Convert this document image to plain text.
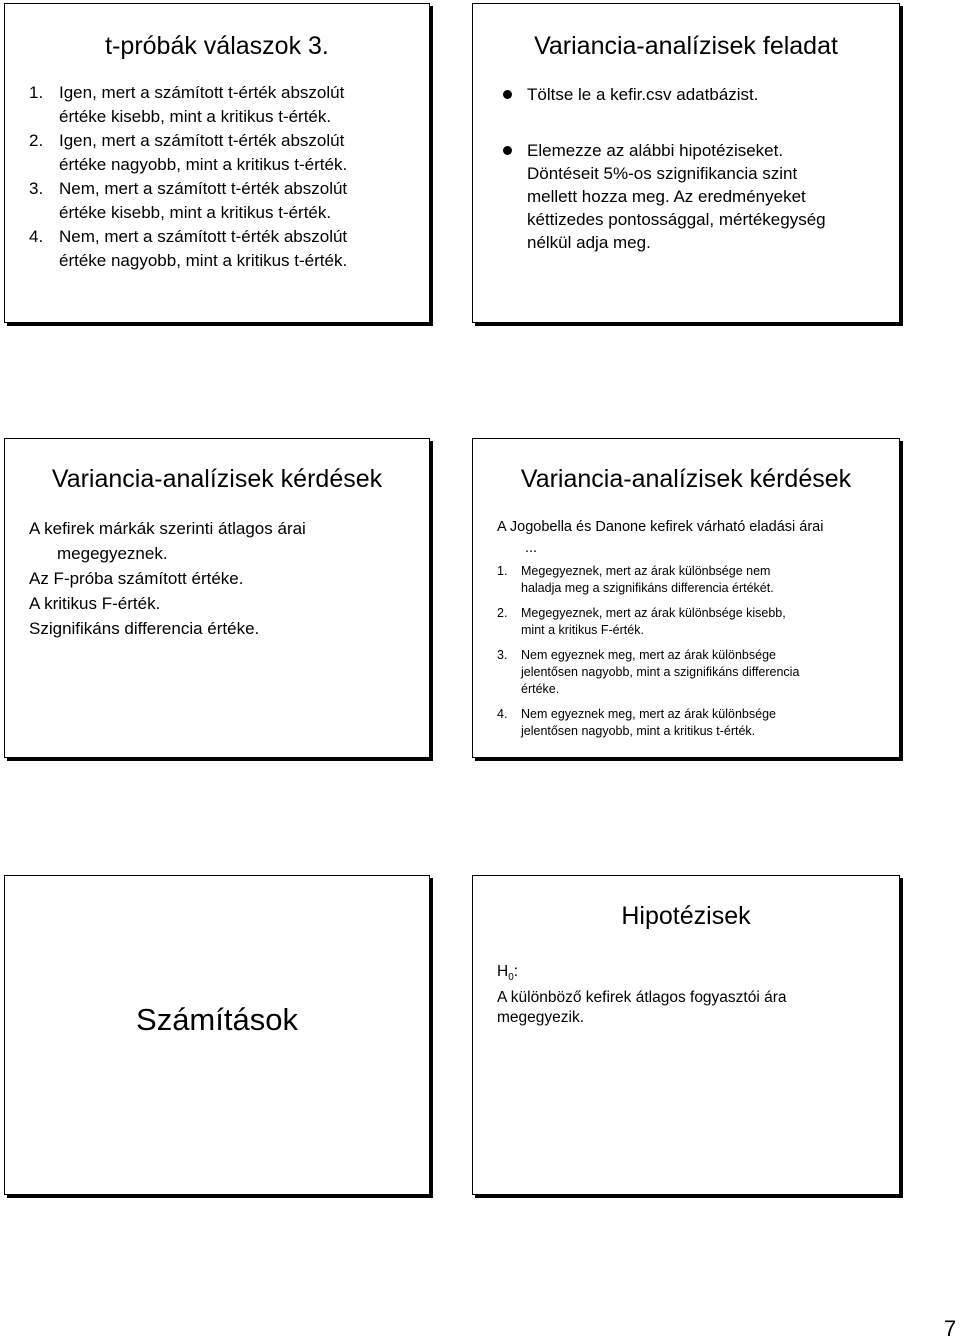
t-próbák válaszok 3.
1. Igen, mert a számított t-érték abszolút
értéke kisebb, mint a kritikus t-érték.
2. Igen, mert a számított t-érték abszolút
értéke nagyobb, mint a kritikus t-érték.
3. Nem, mert a számított t-érték abszolút
értéke kisebb, mint a kritikus t-érték.
4. Nem, mert a számított t-érték abszolút
értéke nagyobb, mint a kritikus t-érték.
Variancia-analízisek feladat
Töltse le a kefir.csv adatbázist.
Elemezze az alábbi hipotéziseket.
Döntéseit 5%-os szignifikancia szint
mellett hozza meg. Az eredményeket
kéttizedes pontossággal, mértékegység
nélkül adja meg.
Variancia-analízisek kérdések
A kefirek márkák szerinti átlagos árai megegyeznek.
Az F-próba számított értéke.
A kritikus F-érték.
Szignifikáns differencia értéke.
Variancia-analízisek kérdések
A Jogobella és Danone kefirek várható eladási árai
...
1. Megegyeznek, mert az árak különbsége nem
haladja meg a szignifikáns differencia értékét.
2. Megegyeznek, mert az árak különbsége kisebb,
mint a kritikus F-érték.
3. Nem egyeznek meg, mert az árak különbsége
jelentősen nagyobb, mint a szignifikáns differencia
értéke.
4. Nem egyeznek meg, mert az árak különbsége
jelentősen nagyobb, mint a kritikus t-érték.
Számítások
Hipotézisek
$H_0$:
A különböző kefirek átlagos fogyasztói ára
megegyezik.
7
